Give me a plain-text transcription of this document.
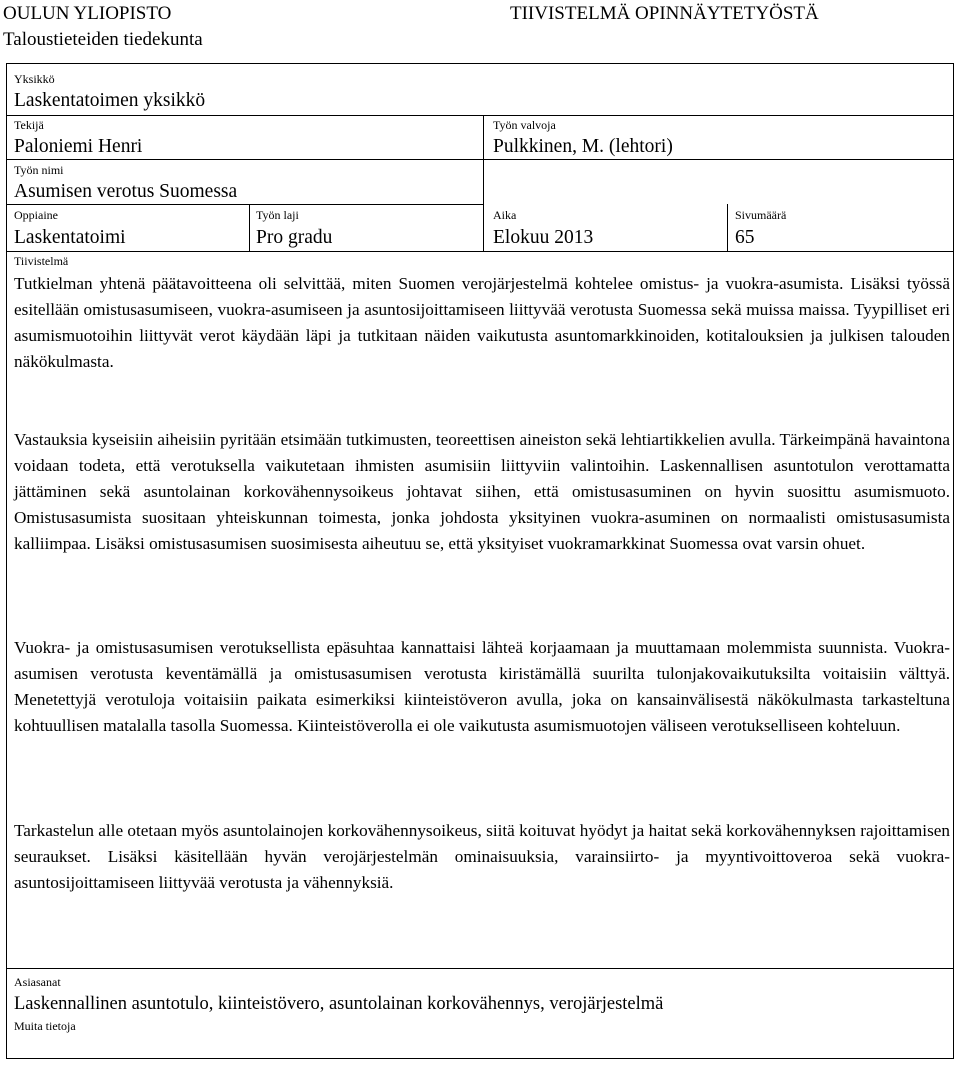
OULUN YLIOPISTO
Taloustieteiden tiedekunta
TIIVISTELMÄ OPINNÄYTETYÖSTÄ
Yksikkö
Laskentatoimen yksikkö
Tekijä
Paloniemi Henri
Työn valvoja
Pulkkinen, M. (lehtori)
Työn nimi
Asumisen verotus Suomessa
Oppiaine
Laskentatoimi
Työn laji
Pro gradu
Aika
Elokuu 2013
Sivumäärä
65
Tiivistelmä
Tutkielman yhtenä päätavoitteena oli selvittää, miten Suomen verojärjestelmä kohtelee omistus- ja vuokra-asumista. Lisäksi työssä esitellään omistusasumiseen, vuokra-asumiseen ja asuntosijoittamiseen liittyvää verotusta Suomessa sekä muissa maissa. Tyypilliset eri asumismuotoihin liittyvät verot käydään läpi ja tutkitaan näiden vaikutusta asuntomarkkinoiden, kotitalouksien ja julkisen talouden näkökulmasta.
Vastauksia kyseisiin aiheisiin pyritään etsimään tutkimusten, teoreettisen aineiston sekä lehtiartikkelien avulla. Tärkeimpänä havaintona voidaan todeta, että verotuksella vaikutetaan ihmisten asumisiin liittyviin valintoihin. Laskennallisen asuntotulon verottamatta jättäminen sekä asuntolainan korkovähennysoikeus johtavat siihen, että omistusasuminen on hyvin suosittu asumismuoto. Omistusasumista suositaan yhteiskunnan toimesta, jonka johdosta yksityinen vuokra-asuminen on normaalisti omistusasumista kalliimpaa. Lisäksi omistusasumisen suosimisesta aiheutuu se, että yksityiset vuokramarkkinat Suomessa ovat varsin ohuet.
Vuokra- ja omistusasumisen verotuksellista epäsuhtaa kannattaisi lähteä korjaamaan ja muuttamaan molemmista suunnista. Vuokra-asumisen verotusta keventämällä ja omistusasumisen verotusta kiristämällä suurilta tulonjakovaikutuksilta voitaisiin välttyä. Menetettyjä verotuloja voitaisiin paikata esimerkiksi kiinteistöveron avulla, joka on kansainvälisestä näkökulmasta tarkasteltuna kohtuullisen matalalla tasolla Suomessa. Kiinteistöverolla ei ole vaikutusta asumismuotojen väliseen verotukselliseen kohteluun.
Tarkastelun alle otetaan myös asuntolainojen korkovähennysoikeus, siitä koituvat hyödyt ja haitat sekä korkovähennyksen rajoittamisen seuraukset. Lisäksi käsitellään hyvän verojärjestelmän ominaisuuksia, varainsiirto- ja myyntivoittoveroa sekä vuokra-asuntosijoittamiseen liittyvää verotusta ja vähennyksiä.
Asiasanat
Laskennallinen asuntotulo, kiinteistövero, asuntolainan korkovähennys, verojärjestelmä
Muita tietoja
